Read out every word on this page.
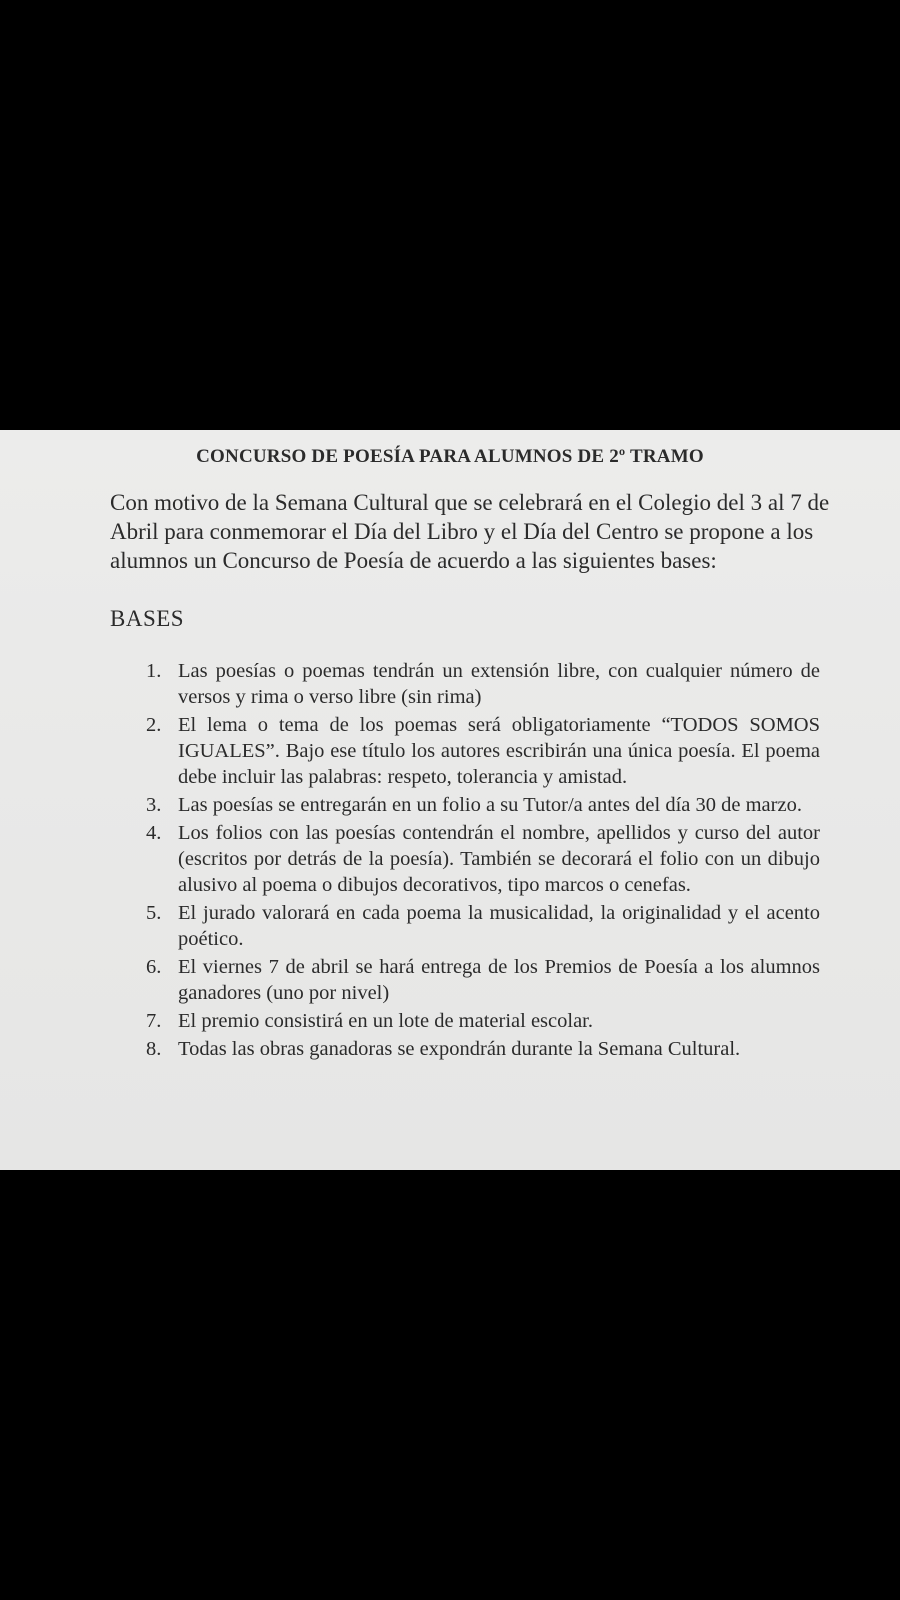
CONCURSO DE POESÍA PARA ALUMNOS DE 2º TRAMO

Con motivo de la Semana Cultural que se celebrará en el Colegio del 3 al 7 de Abril para conmemorar el Día del Libro y el Día del Centro se propone a los alumnos un Concurso de Poesía de acuerdo a las siguientes bases:

BASES
1. Las poesías o poemas tendrán un extensión libre, con cualquier número de versos y rima o verso libre (sin rima)
2. El lema o tema de los poemas será obligatoriamente “TODOS SOMOS IGUALES”. Bajo ese título los autores escribirán una única poesía. El poema debe incluir las palabras: respeto, tolerancia y amistad.
3. Las poesías se entregarán en un folio a su Tutor/a antes del día 30 de marzo.
4. Los folios con las poesías contendrán el nombre, apellidos y curso del autor (escritos por detrás de la poesía). También se decorará el folio con un dibujo alusivo al poema o dibujos decorativos, tipo marcos o cenefas.
5. El jurado valorará en cada poema la musicalidad, la originalidad y el acento poético.
6. El viernes 7 de abril se hará entrega de los Premios de Poesía a los alumnos ganadores (uno por nivel)
7. El premio consistirá en un lote de material escolar.
8. Todas las obras ganadoras se expondrán durante la Semana Cultural.
